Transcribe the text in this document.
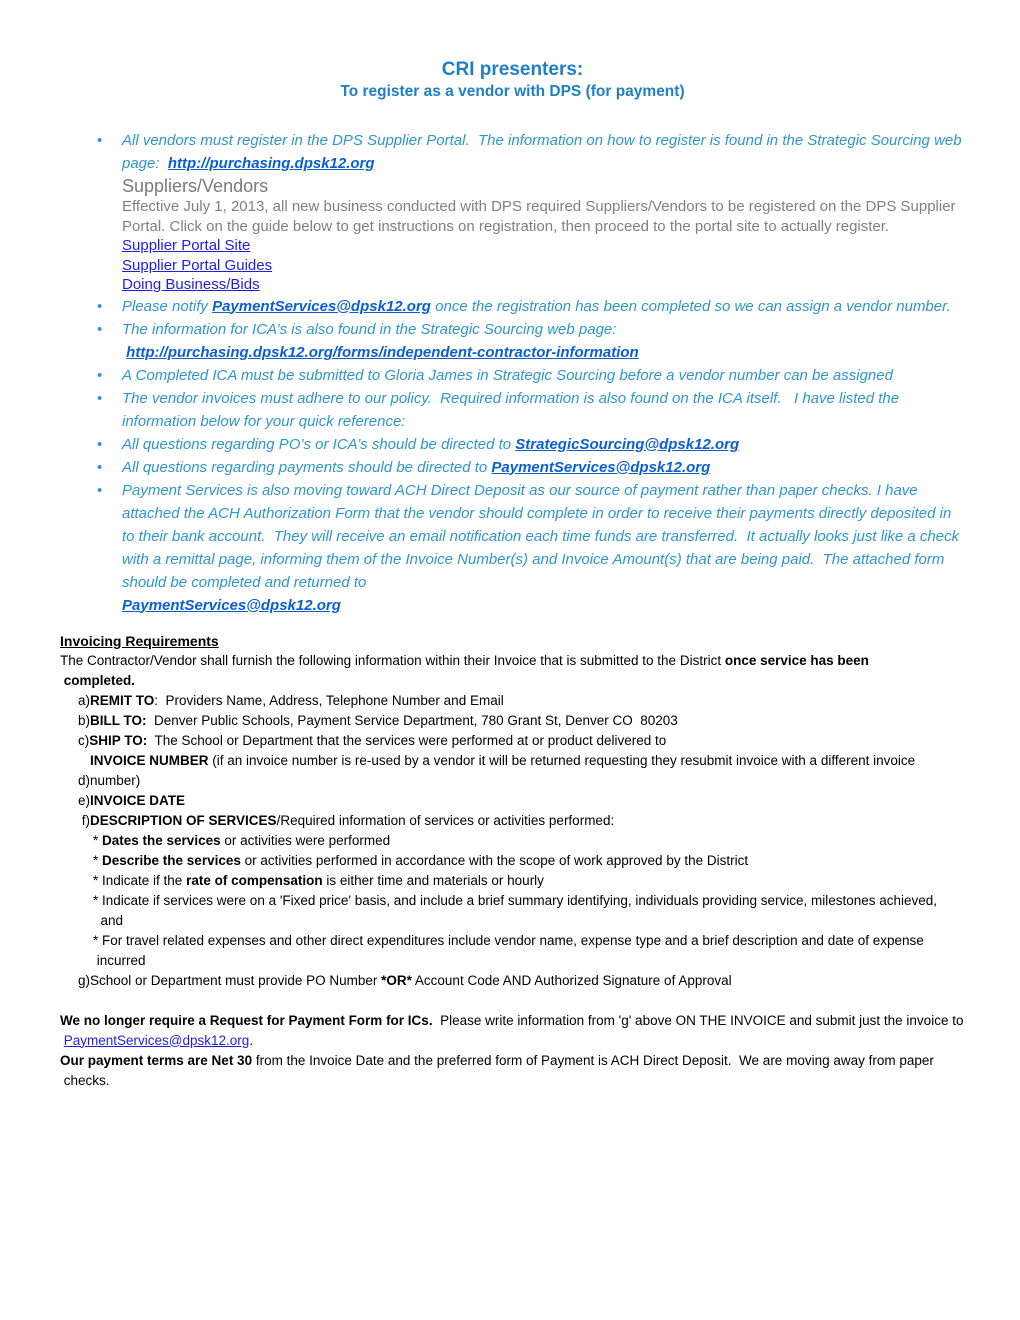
CRI presenters:
To register as a vendor with DPS (for payment)
• All vendors must register in the DPS Supplier Portal.  The information on how to register is found in the Strategic Sourcing web page:  http://purchasing.dpsk12.org
Suppliers/Vendors
Effective July 1, 2013, all new business conducted with DPS required Suppliers/Vendors to be registered on the DPS Supplier Portal. Click on the guide below to get instructions on registration, then proceed to the portal site to actually register.
Supplier Portal Site
Supplier Portal Guides
Doing Business/Bids
• Please notify PaymentServices@dpsk12.org once the registration has been completed so we can assign a vendor number.
• The information for ICA’s is also found in the Strategic Sourcing web page:
http://purchasing.dpsk12.org/forms/independent-contractor-information
• A Completed ICA must be submitted to Gloria James in Strategic Sourcing before a vendor number can be assigned
• The vendor invoices must adhere to our policy.  Required information is also found on the ICA itself.   I have listed the information below for your quick reference:
• All questions regarding PO’s or ICA’s should be directed to StrategicSourcing@dpsk12.org
• All questions regarding payments should be directed to PaymentServices@dpsk12.org
• Payment Services is also moving toward ACH Direct Deposit as our source of payment rather than paper checks. I have attached the ACH Authorization Form that the vendor should complete in order to receive their payments directly deposited in to their bank account.  They will receive an email notification each time funds are transferred.  It actually looks just like a check with a remittal page, informing them of the Invoice Number(s) and Invoice Amount(s) that are being paid.  The attached form should be completed and returned to
PaymentServices@dpsk12.org
Invoicing Requirements
The Contractor/Vendor shall furnish the following information within their Invoice that is submitted to the District once service has been
completed.
a)REMIT TO:  Providers Name, Address, Telephone Number and Email
b)BILL TO:  Denver Public Schools, Payment Service Department, 780 Grant St, Denver CO  80203
c)SHIP TO:  The School or Department that the services were performed at or product delivered to
INVOICE NUMBER (if an invoice number is re-used by a vendor it will be returned requesting they resubmit invoice with a different invoice
d)number)
e)INVOICE DATE
f)DESCRIPTION OF SERVICES/Required information of services or activities performed:
* Dates the services or activities were performed
* Describe the services or activities performed in accordance with the scope of work approved by the District
* Indicate if the rate of compensation is either time and materials or hourly
* Indicate if services were on a 'Fixed price' basis, and include a brief summary identifying, individuals providing service, milestones achieved,
and
* For travel related expenses and other direct expenditures include vendor name, expense type and a brief description and date of expense
incurred
g)School or Department must provide PO Number *OR* Account Code AND Authorized Signature of Approval
We no longer require a Request for Payment Form for ICs.  Please write information from 'g' above ON THE INVOICE and submit just the invoice to
PaymentServices@dpsk12.org.
Our payment terms are Net 30 from the Invoice Date and the preferred form of Payment is ACH Direct Deposit.  We are moving away from paper
checks.
